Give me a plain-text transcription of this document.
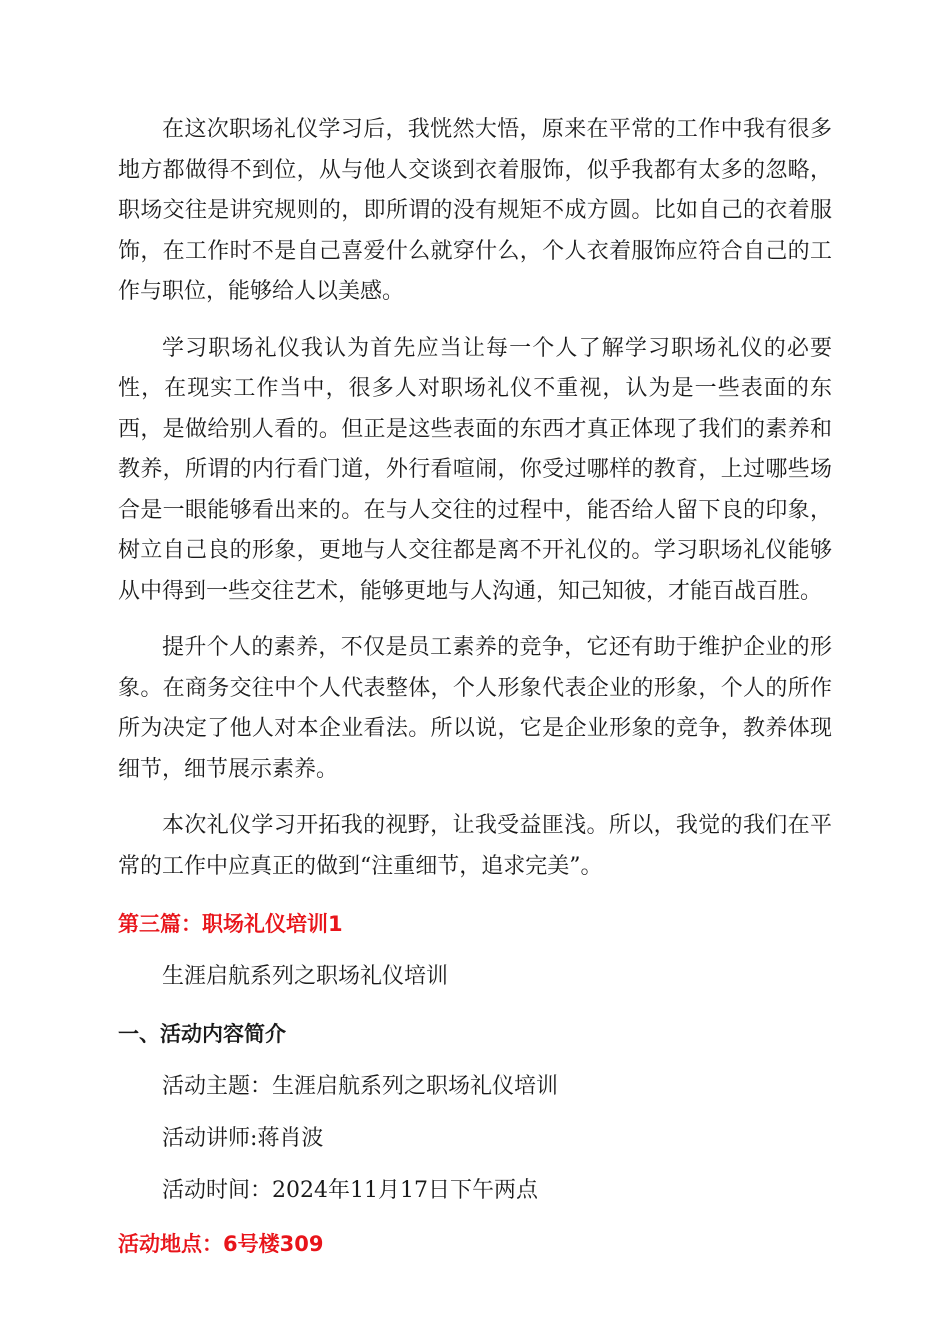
在这次职场礼仪学习后，我恍然大悟，原来在平常的工作中我有很多地方都做得不到位，从与他人交谈到衣着服饰，似乎我都有太多的忽略，职场交往是讲究规则的，即所谓的没有规矩不成方圆。比如自己的衣着服饰，在工作时不是自己喜爱什么就穿什么，个人衣着服饰应符合自己的工作与职位，能够给人以美感。

学习职场礼仪我认为首先应当让每一个人了解学习职场礼仪的必要性，在现实工作当中，很多人对职场礼仪不重视，认为是一些表面的东西，是做给别人看的。但正是这些表面的东西才真正体现了我们的素养和教养，所谓的内行看门道，外行看喧闹，你受过哪样的教育，上过哪些场合是一眼能够看出来的。在与人交往的过程中，能否给人留下良的印象，树立自己良的形象，更地与人交往都是离不开礼仪的。学习职场礼仪能够从中得到一些交往艺术，能够更地与人沟通，知己知彼，才能百战百胜。

提升个人的素养，不仅是员工素养的竞争，它还有助于维护企业的形象。在商务交往中个人代表整体，个人形象代表企业的形象，个人的所作所为决定了他人对本企业看法。所以说，它是企业形象的竞争，教养体现细节，细节展示素养。

本次礼仪学习开拓我的视野，让我受益匪浅。所以，我觉的我们在平常的工作中应真正的做到“注重细节，追求完美”。

第三篇：职场礼仪培训1

生涯启航系列之职场礼仪培训

一、活动内容简介

活动主题：生涯启航系列之职场礼仪培训

活动讲师:蒋肖波

活动时间：2024年11月17日下午两点

活动地点：6号楼309
